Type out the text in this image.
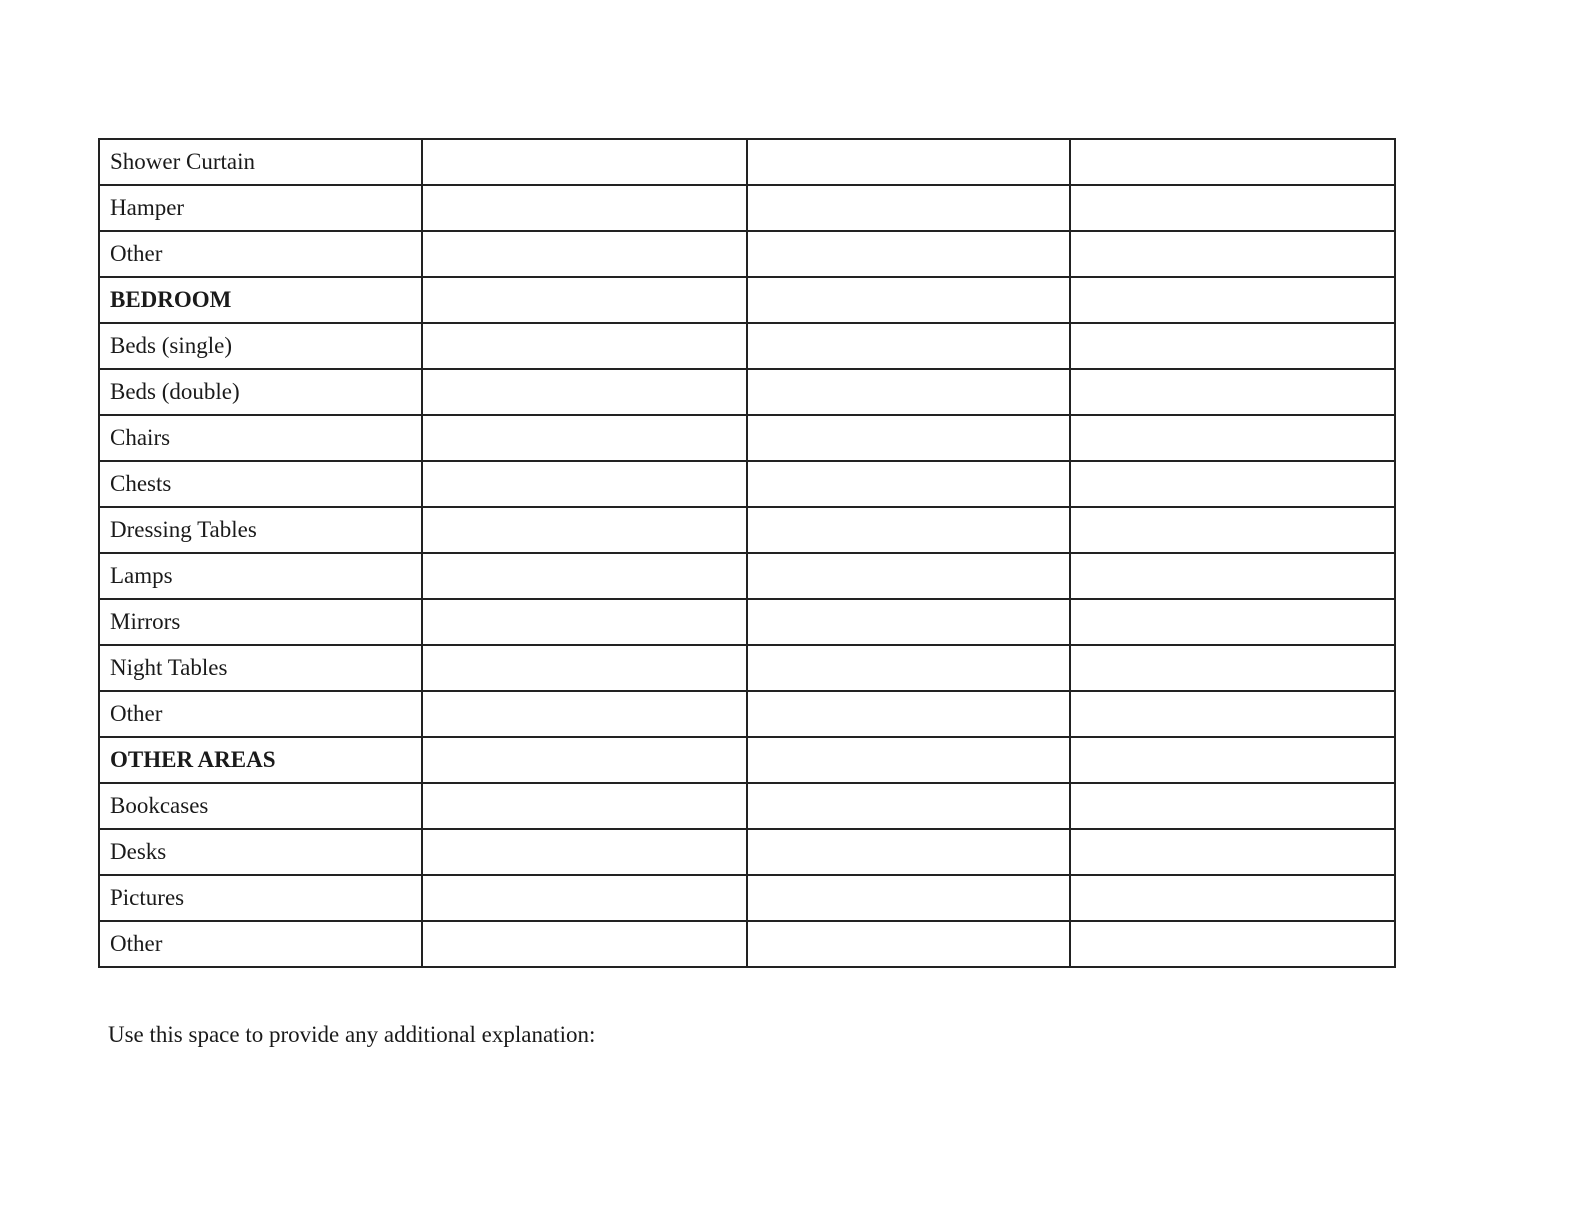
Shower Curtain			
Hamper			
Other			
BEDROOM			
Beds (single)			
Beds (double)			
Chairs			
Chests			
Dressing Tables			
Lamps			
Mirrors			
Night Tables			
Other			
OTHER AREAS			
Bookcases			
Desks			
Pictures			
Other			
Use this space to provide any additional explanation:
